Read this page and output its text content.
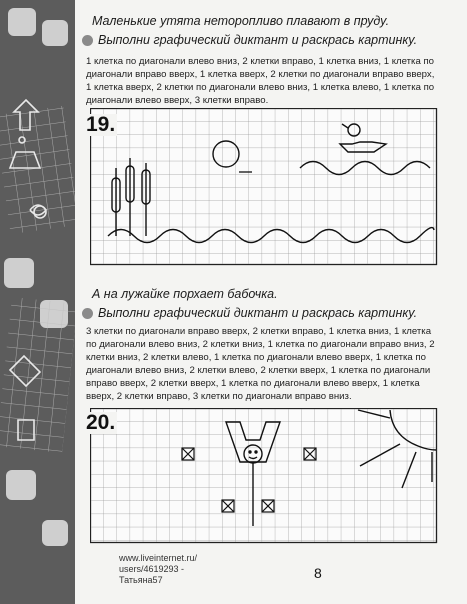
Маленькие утята неторопливо плавают в пруду.
Выполни графический диктант и раскрась картинку.
1 клетка по диагонали влево вниз, 2 клетки вправо, 1 клетка вниз, 1 клетка по диагонали вправо вверх, 1 клетка вверх, 2 клетки по диагонали вправо вверх, 1 клетка вверх, 2 клетки по диагонали влево вниз, 1 клетка влево, 1 клетка по диагонали влево вверх, 3 клетки вправо.
19.
А на лужайке порхает бабочка.
Выполни графический диктант и раскрась картинку.
3 клетки по диагонали вправо вверх, 2 клетки вправо, 1 клетка вниз, 1 клетка по диагонали влево вниз, 2 клетки вниз, 1 клетка по диагонали вправо вниз, 2 клетки вниз, 2 клетки влево, 1 клетка по диагонали влево вверх, 1 клетка по диагонали влево вниз, 2 клетки влево, 2 клетки вверх, 1 клетка по диагонали вправо вверх, 2 клетки вверх, 1 клетка по диагонали влево вверх, 1 клетка вверх, 2 клетки вправо, 3 клетки по диагонали вправо вниз.
20.
www.liveinternet.ru/
users/4619293 -
Татьяна57	8
